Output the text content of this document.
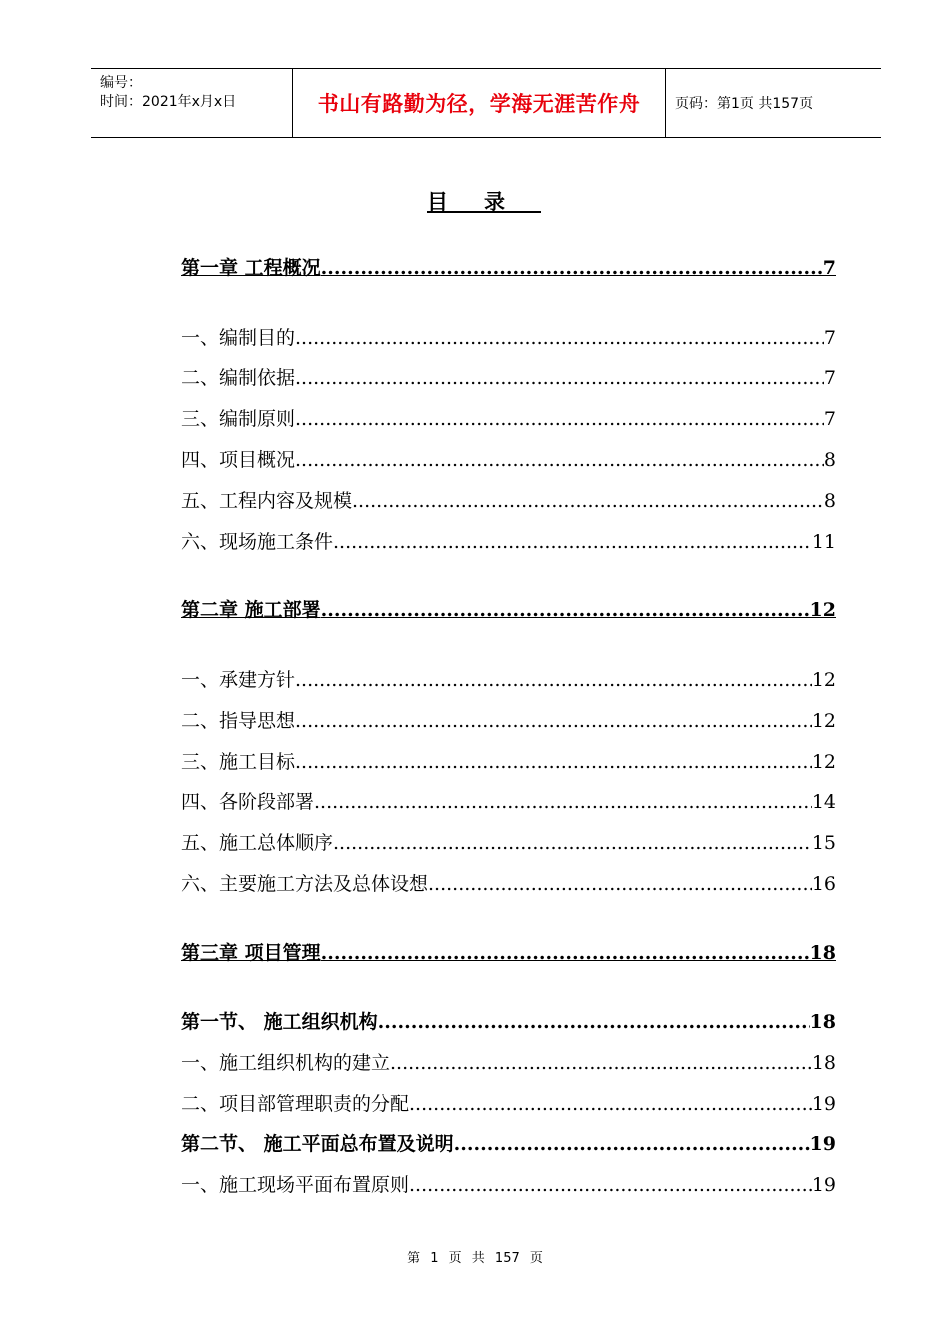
编号：
时间：2021年x月x日	书山有路勤为径，学海无涯苦作舟	页码：第1页 共157页
目录
第一章 工程概况 .....	7
一、编制目的 .....	7
二、编制依据 .....	7
三、编制原则 .....	7
四、项目概况 .....	8
五、工程内容及规模 .....	8
六、现场施工条件 .....	11
第二章 施工部署 .....	12
一、承建方针 .....	12
二、指导思想 .....	12
三、施工目标 .....	12
四、各阶段部署 .....	14
五、施工总体顺序 .....	15
六、主要施工方法及总体设想 .....	16
第三章 项目管理 .....	18
第一节、 施工组织机构 .....	18
一、施工组织机构的建立 .....	18
二、项目部管理职责的分配 .....	19
第二节、 施工平面总布置及说明 .....	19
一、施工现场平面布置原则 .....	19
第 1 页 共 157 页
